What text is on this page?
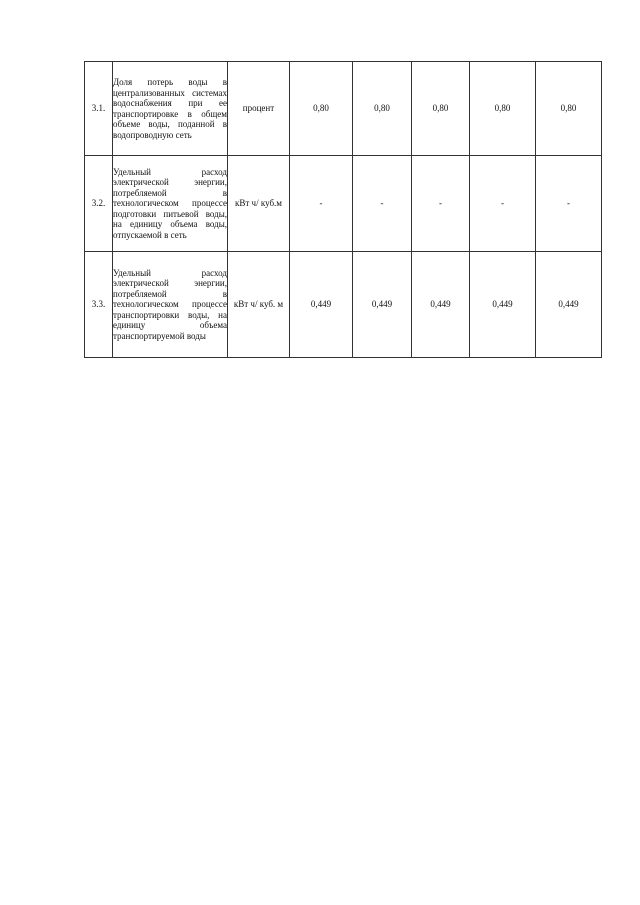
3.1.	Доля потерь воды в централизованных системах водоснабжения при ее транспортировке в общем объеме воды, поданной в водопроводную сеть	процент	0,80	0,80	0,80	0,80	0,80
3.2.	Удельный расход электрической энергии, потребляемой в технологическом процессе подготовки питьевой воды, на единицу объема воды, отпускаемой в сеть	кВт ч/ куб.м	-	-	-	-	-
3.3.	Удельный расход электрической энергии, потребляемой в технологическом процессе транспортировки воды, на единицу объема транспортируемой воды	кВт ч/ куб. м	0,449	0,449	0,449	0,449	0,449
